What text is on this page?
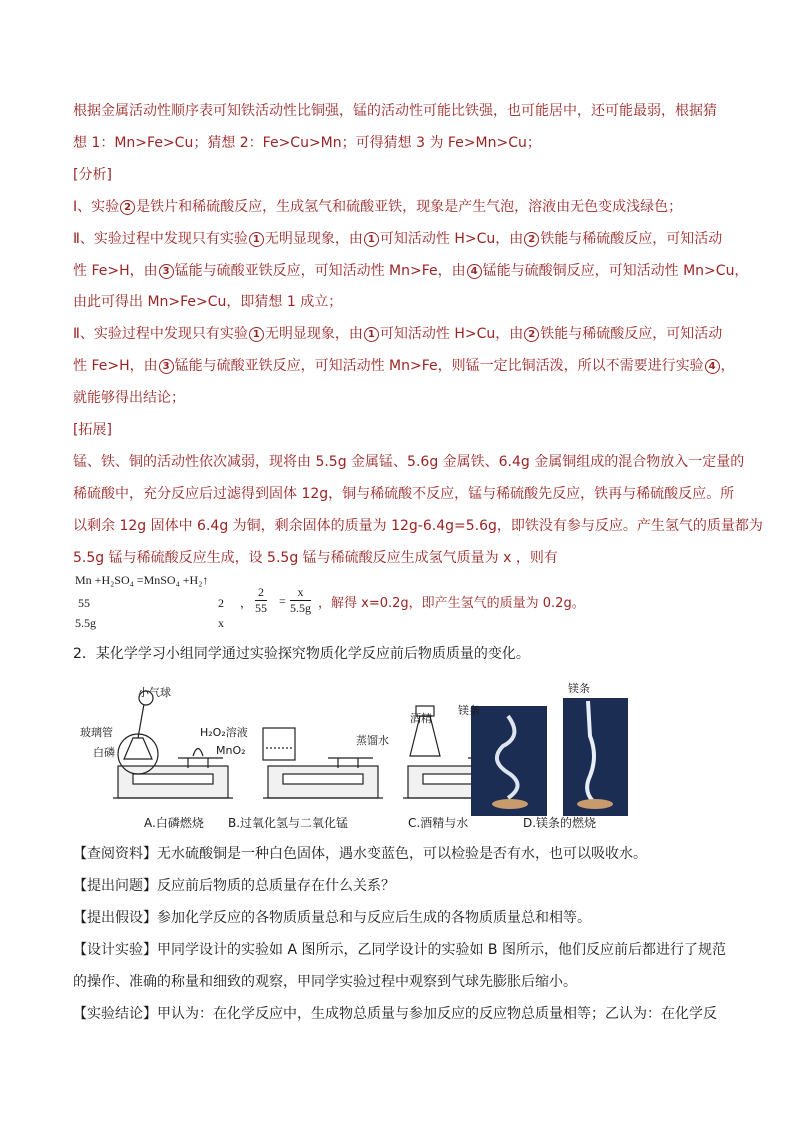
根据金属活动性顺序表可知铁活动性比铜强，锰的活动性可能比铁强，也可能居中，还可能最弱，根据猜
想 1：Mn>Fe>Cu；猜想 2：Fe>Cu>Mn；可得猜想 3 为 Fe>Mn>Cu；
[分析]
Ⅰ、实验 2 是铁片和稀硫酸反应，生成氢气和硫酸亚铁，现象是产生气泡，溶液由无色变成浅绿色；
Ⅱ、实验过程中发现只有实验 1 无明显现象，由 1 可知活动性 H>Cu，由 2 铁能与稀硫酸反应，可知活动
性 Fe>H，由 3 锰能与硫酸亚铁反应，可知活动性 Mn>Fe，由 4 锰能与硫酸铜反应，可知活动性 Mn>Cu，
由此可得出 Mn>Fe>Cu，即猜想 1 成立；
Ⅱ、实验过程中发现只有实验 1 无明显现象，由 1 可知活动性 H>Cu，由 2 铁能与稀硫酸反应，可知活动
性 Fe>H，由 3 锰能与硫酸亚铁反应，可知活动性 Mn>Fe，则锰一定比铜活泼，所以不需要进行实验 4 ，
就能够得出结论；
[拓展]
锰、铁、铜的活动性依次减弱，现将由 5.5g 金属锰、5.6g 金属铁、6.4g 金属铜组成的混合物放入一定量的
稀硫酸中，充分反应后过滤得到固体 12g，铜与稀硫酸不反应，锰与稀硫酸先反应，铁再与稀硫酸反应。所
以剩余 12g 固体中 6.4g 为铜，剩余固体的质量为 12g-6.4g=5.6g，即铁没有参与反应。产生氢气的质量都为
5.5g 锰与稀硫酸反应生成，设 5.5g 锰与稀硫酸反应生成氢气质量为 x ，则有
Mn +H₂SO₄ =MnSO₄ +H₂↑
55	2
5.5g	x
， $\frac{2}{55} = \frac{x}{5.5g}$ ，解得 x=0.2g，即产生氢气的质量为 0.2g。
2．某化学学习小组同学通过实验探究物质化学反应前后物质质量的变化。
小气球
玻璃管
白磷
H₂O₂溶液
MnO₂
蒸馏水
酒精
镁条
镁条
A.白磷燃烧 B.过氧化氢与二氧化锰	C.酒精与水	D.镁条的燃烧
【查阅资料】无水硫酸铜是一种白色固体，遇水变蓝色，可以检验是否有水，也可以吸收水。
【提出问题】反应前后物质的总质量存在什么关系？
【提出假设】参加化学反应的各物质质量总和与反应后生成的各物质质量总和相等。
【设计实验】甲同学设计的实验如 A 图所示，乙同学设计的实验如 B 图所示，他们反应前后都进行了规范
的操作、准确的称量和细致的观察，甲同学实验过程中观察到气球先膨胀后缩小。
【实验结论】甲认为：在化学反应中，生成物总质量与参加反应的反应物总质量相等；乙认为：在化学反
